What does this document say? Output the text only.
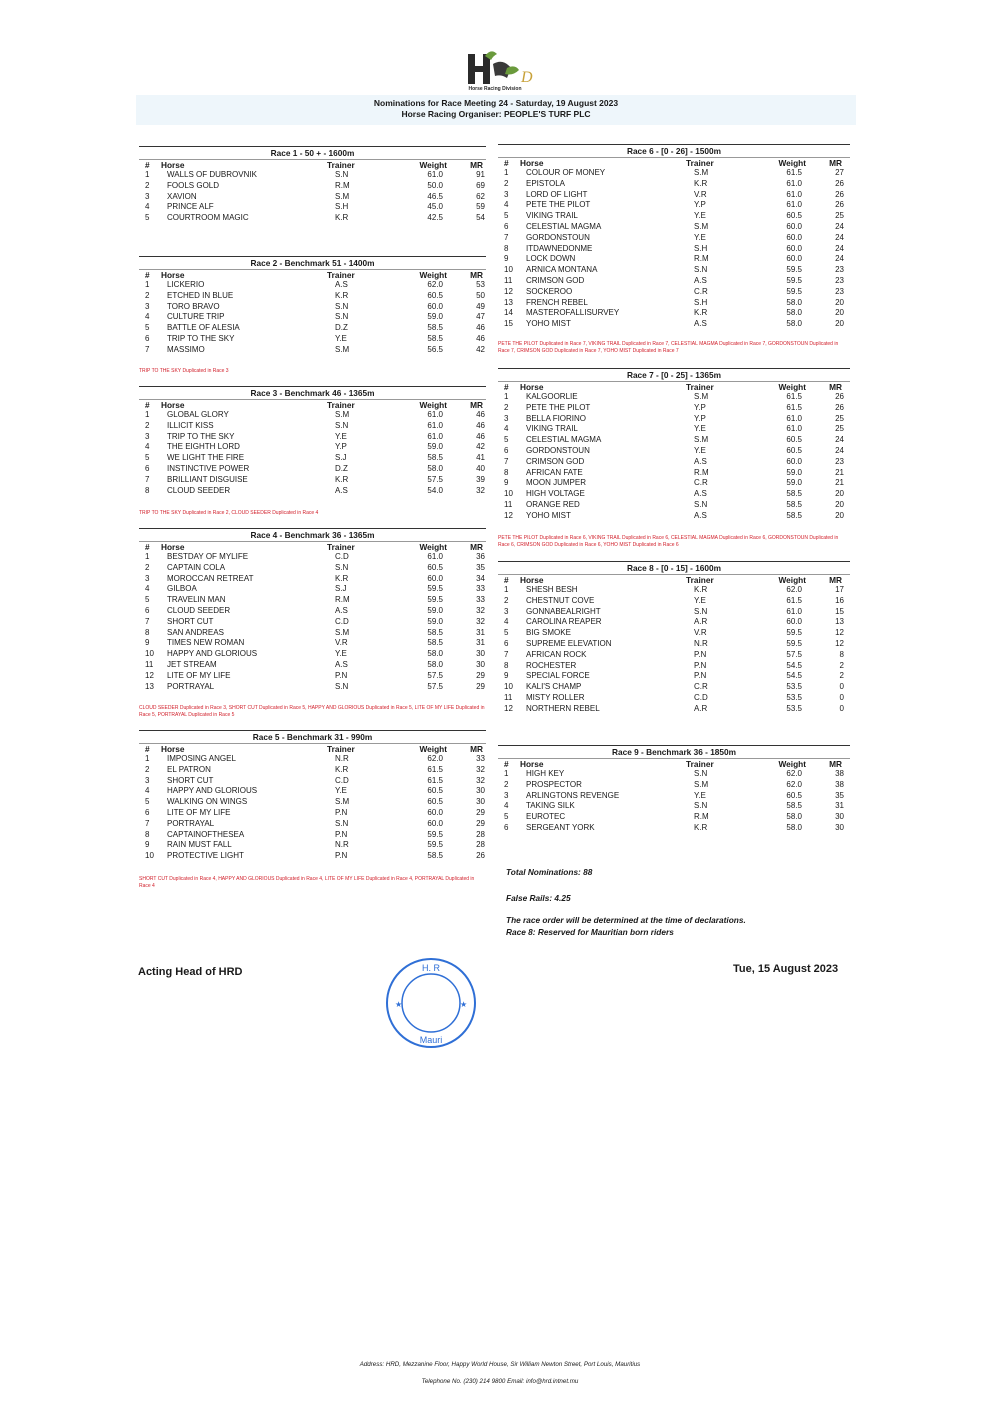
D
Horse Racing Division
Nominations for Race Meeting 24 - Saturday, 19 August 2023
Horse Racing Organiser: PEOPLE'S TURF PLC
Race 1 - 50 + - 1600m
#	Horse	Trainer	Weight	MR
1	WALLS OF DUBROVNIK	S.N	61.0	91
2	FOOLS GOLD	R.M	50.0	69
3	XAVION	S.M	46.5	62
4	PRINCE ALF	S.H	45.0	59
5	COURTROOM MAGIC	K.R	42.5	54
Race 2 - Benchmark 51 - 1400m
#	Horse	Trainer	Weight	MR
1	LICKERIO	A.S	62.0	53
2	ETCHED IN BLUE	K.R	60.5	50
3	TORO BRAVO	S.N	60.0	49
4	CULTURE TRIP	S.N	59.0	47
5	BATTLE OF ALESIA	D.Z	58.5	46
6	TRIP TO THE SKY	Y.E	58.5	46
7	MASSIMO	S.M	56.5	42
Race 3 - Benchmark 46 - 1365m
#	Horse	Trainer	Weight	MR
1	GLOBAL GLORY	S.M	61.0	46
2	ILLICIT KISS	S.N	61.0	46
3	TRIP TO THE SKY	Y.E	61.0	46
4	THE EIGHTH LORD	Y.P	59.0	42
5	WE LIGHT THE FIRE	S.J	58.5	41
6	INSTINCTIVE POWER	D.Z	58.0	40
7	BRILLIANT DISGUISE	K.R	57.5	39
8	CLOUD SEEDER	A.S	54.0	32
Race 4 - Benchmark 36 - 1365m
#	Horse	Trainer	Weight	MR
1	BESTDAY OF MYLIFE	C.D	61.0	36
2	CAPTAIN COLA	S.N	60.5	35
3	MOROCCAN RETREAT	K.R	60.0	34
4	GILBOA	S.J	59.5	33
5	TRAVELIN MAN	R.M	59.5	33
6	CLOUD SEEDER	A.S	59.0	32
7	SHORT CUT	C.D	59.0	32
8	SAN ANDREAS	S.M	58.5	31
9	TIMES NEW ROMAN	V.R	58.5	31
10	HAPPY AND GLORIOUS	Y.E	58.0	30
11	JET STREAM	A.S	58.0	30
12	LITE OF MY LIFE	P.N	57.5	29
13	PORTRAYAL	S.N	57.5	29
Race 5 - Benchmark 31 - 990m
#	Horse	Trainer	Weight	MR
1	IMPOSING ANGEL	N.R	62.0	33
2	EL PATRON	K.R	61.5	32
3	SHORT CUT	C.D	61.5	32
4	HAPPY AND GLORIOUS	Y.E	60.5	30
5	WALKING ON WINGS	S.M	60.5	30
6	LITE OF MY LIFE	P.N	60.0	29
7	PORTRAYAL	S.N	60.0	29
8	CAPTAINOFTHESEA	P.N	59.5	28
9	RAIN MUST FALL	N.R	59.5	28
10	PROTECTIVE LIGHT	P.N	58.5	26
Race 6 - [0 - 26] - 1500m
#	Horse	Trainer	Weight	MR
1	COLOUR OF MONEY	S.M	61.5	27
2	EPISTOLA	K.R	61.0	26
3	LORD OF LIGHT	V.R	61.0	26
4	PETE THE PILOT	Y.P	61.0	26
5	VIKING TRAIL	Y.E	60.5	25
6	CELESTIAL MAGMA	S.M	60.0	24
7	GORDONSTOUN	Y.E	60.0	24
8	ITDAWNEDONME	S.H	60.0	24
9	LOCK DOWN	R.M	60.0	24
10	ARNICA MONTANA	S.N	59.5	23
11	CRIMSON GOD	A.S	59.5	23
12	SOCKEROO	C.R	59.5	23
13	FRENCH REBEL	S.H	58.0	20
14	MASTEROFALLISURVEY	K.R	58.0	20
15	YOHO MIST	A.S	58.0	20
Race 7 - [0 - 25] - 1365m
#	Horse	Trainer	Weight	MR
1	KALGOORLIE	S.M	61.5	26
2	PETE THE PILOT	Y.P	61.5	26
3	BELLA FIORINO	Y.P	61.0	25
4	VIKING TRAIL	Y.E	61.0	25
5	CELESTIAL MAGMA	S.M	60.5	24
6	GORDONSTOUN	Y.E	60.5	24
7	CRIMSON GOD	A.S	60.0	23
8	AFRICAN FATE	R.M	59.0	21
9	MOON JUMPER	C.R	59.0	21
10	HIGH VOLTAGE	A.S	58.5	20
11	ORANGE RED	S.N	58.5	20
12	YOHO MIST	A.S	58.5	20
Race 8 - [0 - 15] - 1600m
#	Horse	Trainer	Weight	MR
1	SHESH BESH	K.R	62.0	17
2	CHESTNUT COVE	Y.E	61.5	16
3	GONNABEALRIGHT	S.N	61.0	15
4	CAROLINA REAPER	A.R	60.0	13
5	BIG SMOKE	V.R	59.5	12
6	SUPREME ELEVATION	N.R	59.5	12
7	AFRICAN ROCK	P.N	57.5	8
8	ROCHESTER	P.N	54.5	2
9	SPECIAL FORCE	P.N	54.5	2
10	KALI'S CHAMP	C.R	53.5	0
11	MISTY ROLLER	C.D	53.5	0
12	NORTHERN REBEL	A.R	53.5	0
Race 9 - Benchmark 36 - 1850m
#	Horse	Trainer	Weight	MR
1	HIGH KEY	S.N	62.0	38
2	PROSPECTOR	S.M	62.0	38
3	ARLINGTONS REVENGE	Y.E	60.5	35
4	TAKING SILK	S.N	58.5	31
5	EUROTEC	R.M	58.0	30
6	SERGEANT YORK	K.R	58.0	30
TRIP TO THE SKY Duplicated in Race 3
TRIP TO THE SKY Duplicated in Race 2, CLOUD SEEDER Duplicated in Race 4
CLOUD SEEDER Duplicated in Race 3, SHORT CUT Duplicated in Race 5, HAPPY AND GLORIOUS Duplicated in Race 5, LITE OF MY LIFE Duplicated in Race 5, PORTRAYAL Duplicated in Race 5
SHORT CUT Duplicated in Race 4, HAPPY AND GLORIOUS Duplicated in Race 4, LITE OF MY LIFE Duplicated in Race 4, PORTRAYAL Duplicated in Race 4
PETE THE PILOT Duplicated in Race 7, VIKING TRAIL Duplicated in Race 7, CELESTIAL MAGMA Duplicated in Race 7, GORDONSTOUN Duplicated in Race 7, CRIMSON GOD Duplicated in Race 7, YOHO MIST Duplicated in Race 7
PETE THE PILOT Duplicated in Race 6, VIKING TRAIL Duplicated in Race 6, CELESTIAL MAGMA Duplicated in Race 6, GORDONSTOUN Duplicated in Race 6, CRIMSON GOD Duplicated in Race 6, YOHO MIST Duplicated in Race 6
Total Nominations: 88
False Rails: 4.25
The race order will be determined at the time of declarations.
Race 8: Reserved for Mauritian born riders
Acting Head of HRD	Tue, 15 August 2023
H. R
Mauri
★	★
Address: HRD, Mezzanine Floor, Happy World House, Sir William Newton Street, Port Louis, Mauritius
Telephone No. (230) 214 9800 Email: info@hrd.intnet.mu
